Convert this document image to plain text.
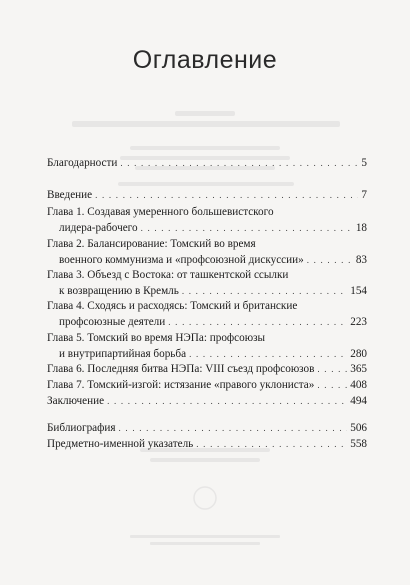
Оглавление
Благодарности . . .	5
Введение . . .	7
Глава 1. Создавая умеренного большевистского
лидера-рабочего . . .	18
Глава 2. Балансирование: Томский во время
военного коммунизма и «профсоюзной дискуссии» . . .	83
Глава 3. Объезд с Востока: от ташкентской ссылки
к возвращению в Кремль . . .	154
Глава 4. Сходясь и расходясь: Томский и британские
профсоюзные деятели . . .	223
Глава 5. Томский во время НЭПа: профсоюзы
и внутрипартийная борьба . . .	280
Глава 6. Последняя битва НЭПа: VIII съезд профсоюзов . . .	365
Глава 7. Томский-изгой: истязание «правого уклониста» . . .	408
Заключение . . .	494
Библиография . . .	506
Предметно-именной указатель . . .	558
